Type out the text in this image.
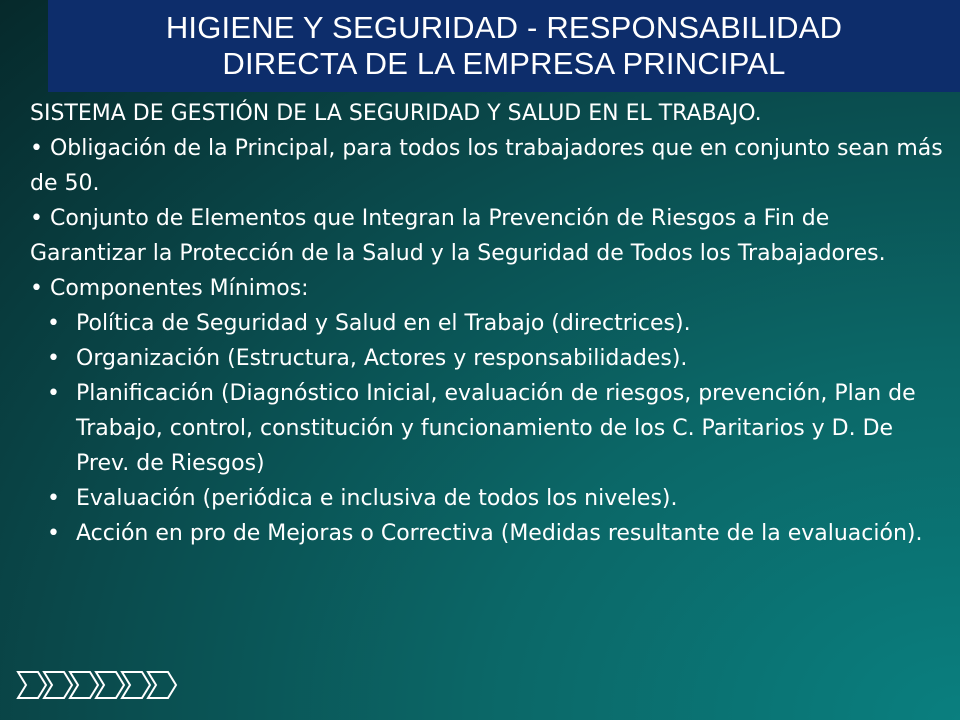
HIGIENE Y SEGURIDAD - RESPONSABILIDAD
DIRECTA DE LA EMPRESA PRINCIPAL

SISTEMA DE GESTIÓN DE LA SEGURIDAD Y SALUD EN EL TRABAJO.

• Obligación de la Principal, para todos los trabajadores que en conjunto sean más de 50.

• Conjunto de Elementos que Integran la Prevención de Riesgos a Fin de Garantizar la Protección de la Salud y la Seguridad de Todos los Trabajadores.

• Componentes Mínimos:

• Política de Seguridad y Salud en el Trabajo (directrices).
• Organización (Estructura, Actores y responsabilidades).
• Planificación (Diagnóstico Inicial, evaluación de riesgos, prevención, Plan de Trabajo, control, constitución y funcionamiento de los C. Paritarios y D. De Prev. de Riesgos)
• Evaluación (periódica e inclusiva de todos los niveles).
• Acción en pro de Mejoras o Correctiva (Medidas resultante de la evaluación).
